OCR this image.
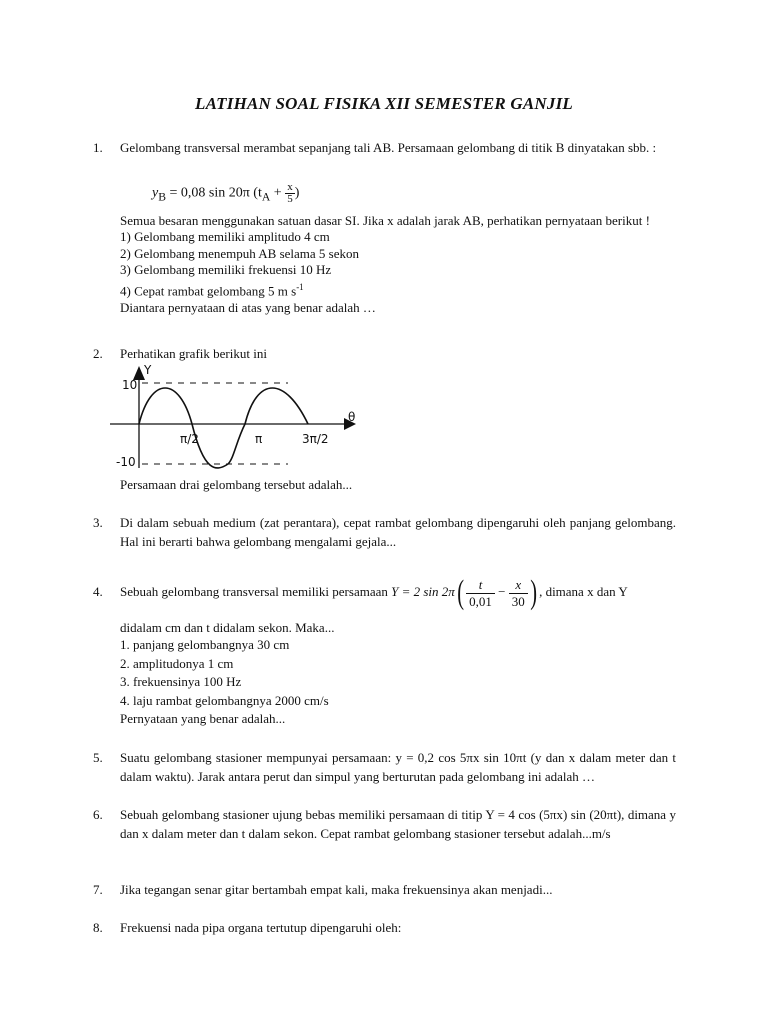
LATIHAN SOAL FISIKA XII SEMESTER GANJIL
1. Gelombang transversal merambat sepanjang tali AB. Persamaan gelombang di titik B dinyatakan sbb. :
$y_B = 0,08$ sin 20π ($t_A + \frac{x}{5}$ )
Semua besaran menggunakan satuan dasar SI. Jika x adalah jarak AB, perhatikan pernyataan berikut !
1) Gelombang memiliki amplitudo 4 cm
2) Gelombang menempuh AB selama 5 sekon
3) Gelombang memiliki frekuensi 10 Hz
4) Cepat rambat gelombang 5 m $s^{-1}$
Diantara pernyataan di atas yang benar adalah …
2. Perhatikan grafik berikut ini
Y
θ
10
-10
π/2	π	3π/2
Persamaan drai gelombang tersebut adalah...
3. Di dalam sebuah medium (zat perantara), cepat rambat gelombang dipengaruhi oleh panjang gelombang. Hal ini berarti bahwa gelombang mengalami gejala...
4. Sebuah gelombang transversal memiliki persamaan Y = 2 $\sin 2\pi( \frac{t}{0,01} - \frac{x}{30}$ ) , dimana x dan Y
didalam cm dan t didalam sekon. Maka...
1. panjang gelombangnya 30 cm
2. amplitudonya 1 cm
3. frekuensinya 100 Hz
4. laju rambat gelombangnya 2000 cm/s
Pernyataan yang benar adalah...
5. Suatu gelombang stasioner mempunyai persamaan: y = 0,2 cos 5πx sin 10πt (y dan x dalam meter dan t dalam waktu). Jarak antara perut dan simpul yang berturutan pada gelombang ini adalah …
6. Sebuah gelombang stasioner ujung bebas memiliki persamaan di titip Y = 4 cos (5πx) sin (20πt), dimana y dan x dalam meter dan t dalam sekon. Cepat rambat gelombang stasioner tersebut adalah...m/s
7. Jika tegangan senar gitar bertambah empat kali, maka frekuensinya akan menjadi...
8. Frekuensi nada pipa organa tertutup dipengaruhi oleh:
